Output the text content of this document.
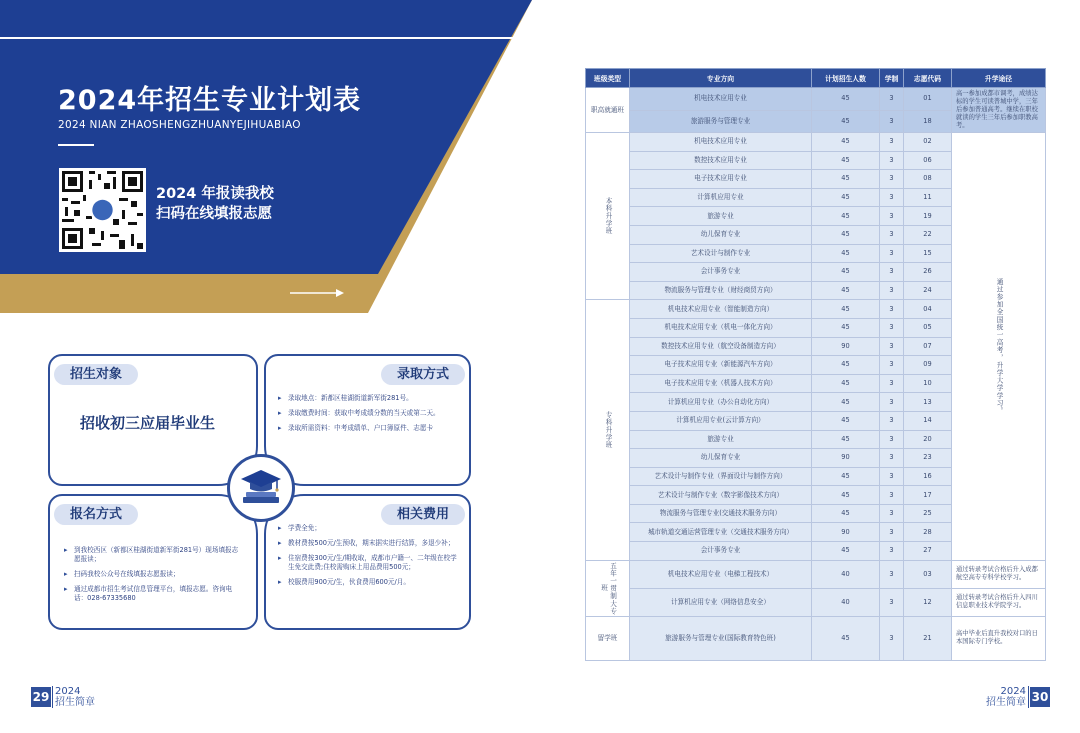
2024年招生专业计划表
2024 NIAN ZHAOSHENGZHUANYEJIHUABIAO
2024 年报读我校
扫码在线填报志愿
招生对象
招收初三应届毕业生
录取方式
▸ 录取地点：新都区桂湖街道新军街281号。
▸ 录取缴费时间：获取中考成绩分数的当天或第二天。
▸ 录取所需资料：中考成绩单、户口簿原件、志愿卡
报名方式
▸ 到我校西区（新都区桂湖街道新军街281号）现场填报志愿报读；
▸ 扫码我校公众号在线填报志愿报读；
▸ 通过成都市招生考试信息管理平台，填报志愿。咨询电话：028-67335680
相关费用
▸ 学费全免；
▸ 教材费按500元/生预收，期末据实进行结算，多退少补；
▸ 住宿费按300元/生/期收取，成都市户籍一、二年级在校学生免交此费;住校需购床上用品费用500元；
▸ 校服费用900元/生，伙食费用600元/月。
29 2024
招生简章
2024
招生简章 30
班级类型	专业方向	计划招生人数	学制	志愿代码	升学途径

职高就通班	机电技术应用专业	45	3	01	高一参加成都市调考，成绩达标的学生可读普城中学，三年后参加普通高考。继续在职校就读的学生三年后参加职教高考。
	旅游服务与管理专业	45	3	18	

本科升学班	机电技术应用专业	45	3	02	通过参加全国统一高考，升学大学学习。

	数控技术应用专业	45	3	06	
	电子技术应用专业	45	3	08	
	计算机应用专业	45	3	11	
	旅游专业	45	3	19	
	幼儿保育专业	45	3	22	
	艺术设计与制作专业	45	3	15	
	会计事务专业	45	3	26	
	物流服务与管理专业（财经商贸方向）	45	3	24	

专科升学班	机电技术应用专业（智能制造方向）	45	3	04	
	机电技术应用专业（机电一体化方向）	45	3	05	
	数控技术应用专业（航空设备制造方向）	90	3	07	
	电子技术应用专业（新能源汽车方向）	45	3	09	
	电子技术应用专业（机器人技术方向）	45	3	10	
	计算机应用专业（办公自动化方向）	45	3	13	
	计算机应用专业(云计算方向）	45	3	14	
	旅游专业	45	3	20	
	幼儿保育专业	90	3	23	
	艺术设计与制作专业（界面设计与制作方向）	45	3	16	
	艺术设计与制作专业（数字影像技术方向）	45	3	17	
	物流服务与管理专业(交通技术服务方向）	45	3	25	
	城市轨道交通运营管理专业（交通技术服务方向）	90	3	28	
	会计事务专业	45	3	27	

五年一贯制大专班	机电技术应用专业（电梯工程技术）	40	3	03	通过转录考试合格后升入成都航空高专专科学校学习。
	计算机应用专业（网络信息安全）	40	3	12	通过转录考试合格后升入四川信息职业技术学院学习。

留学班	旅游服务与管理专业(国际教育特色班)	45	3	21	高中毕业后直升我校对口的日本国际专门学校。
